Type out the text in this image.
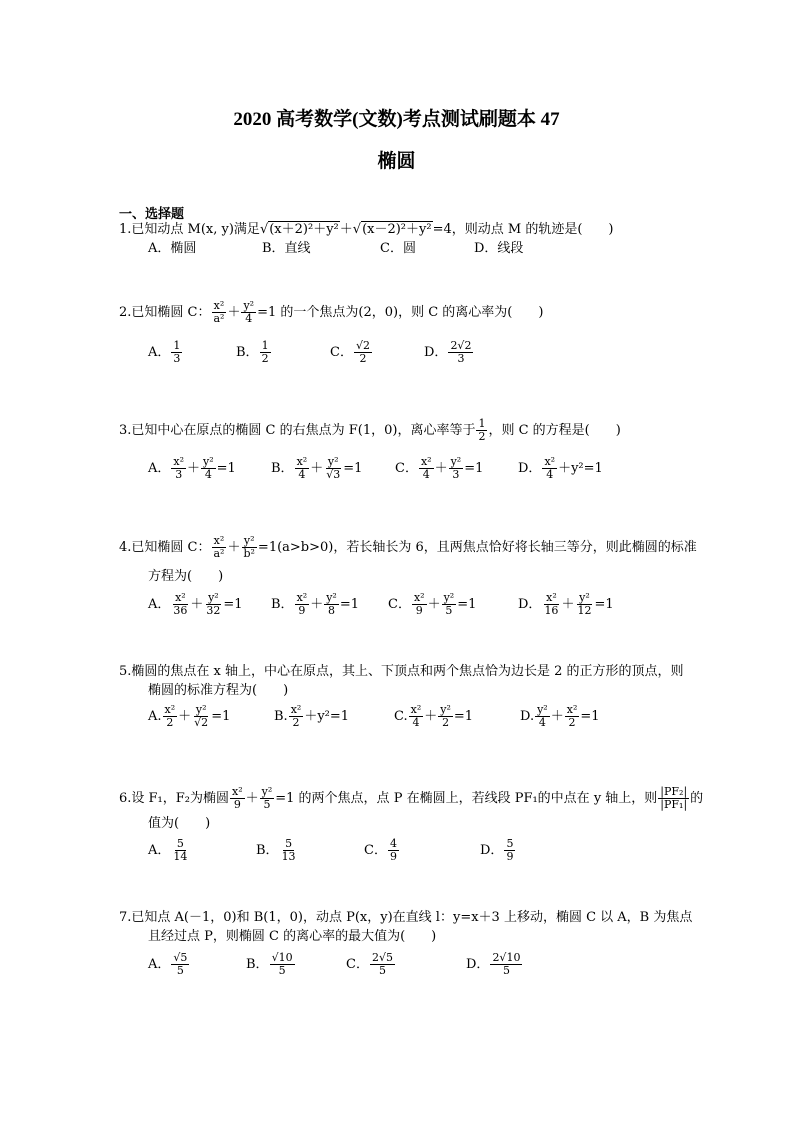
2020 高考数学(文数)考点测试刷题本 47
椭圆
一、选择题
1.已知动点 M(x, y)满足√(x＋2)²＋y²＋√(x－2)²＋y²=4，则动点 M 的轨迹是(　　)
A．椭圆	B．直线	C．圆	D．线段
2.已知椭圆 C： $\frac{\text{x²}}{\text{a²}} + \frac{\text{y²}}{4} =1$ 的一个焦点为(2，0)，则 C 的离心率为(　　)
A． $\frac{1}{3}$	B． $\frac{1}{2}$	C． $\frac{√2}{2}$	D． $\frac{2√2}{3}$
3.已知中心在原点的椭圆 C 的右焦点为 F(1，0)，离心率等于 $\frac{1}{2}$ ，则 C 的方程是(　　)
A． $\frac{\text{x²}}{3} + \frac{\text{y²}}{4} =1$	B． $\frac{\text{x²}}{4} + \frac{\text{y²}}{√3} =1$	C． $\frac{\text{x²}}{4} + \frac{\text{y²}}{3} =1$	D． $\frac{\text{x²}}{4} +y^2=1$
4.已知椭圆 C： $\frac{\text{x²}}{\text{a²}} + \frac{\text{y²}}{\text{b²}} =1(a>b>0)$，若长轴长为 6，且两焦点恰好将长轴三等分，则此椭圆的标准
方程为(　　)
A． $\frac{\text{x²}}{36} + \frac{\text{y²}}{32} =1$ B． $\frac{\text{x²}}{9} + \frac{\text{y²}}{8} =1$ C． $\frac{\text{x²}}{9} + \frac{\text{y²}}{5} =1$	D． $\frac{\text{x²}}{16} + \frac{\text{y²}}{12} =1$
5.椭圆的焦点在 x 轴上，中心在原点，其上、下顶点和两个焦点恰为边长是 2 的正方形的顶点，则
椭圆的标准方程为(　　)
A. $\frac{\text{x²}}{2} + \frac{\text{y²}}{√2} =1$	B. $\frac{\text{x²}}{2} +y^2=1$	C. $\frac{\text{x²}}{4} + \frac{\text{y²}}{2} =1$	D. $\frac{\text{y²}}{4} + \frac{\text{x²}}{2} =1$
6.设 F₁，F₂为椭圆 $\frac{\text{x²}}{9} + \frac{\text{y²}}{5} =1$ 的两个焦点，点 P 在椭圆上，若线段 PF₁的中点在 y 轴上，则 $\frac{\text{|PF₂|}}{\text{|PF₁|}}$ 的
值为(　　)
A． $\frac{5}{14}$	B． $\frac{5}{13}$	C． $\frac{4}{9}$	D． $\frac{5}{9}$
7.已知点 A(－1，0)和 B(1，0)，动点 P(x，y)在直线 l：y=x＋3 上移动，椭圆 C 以 A，B 为焦点
且经过点 P，则椭圆 C 的离心率的最大值为(　　)
A． $\frac{√5}{5}$	B． $\frac{√10}{5}$	C． $\frac{2√5}{5}$	D． $\frac{2√10}{5}$
